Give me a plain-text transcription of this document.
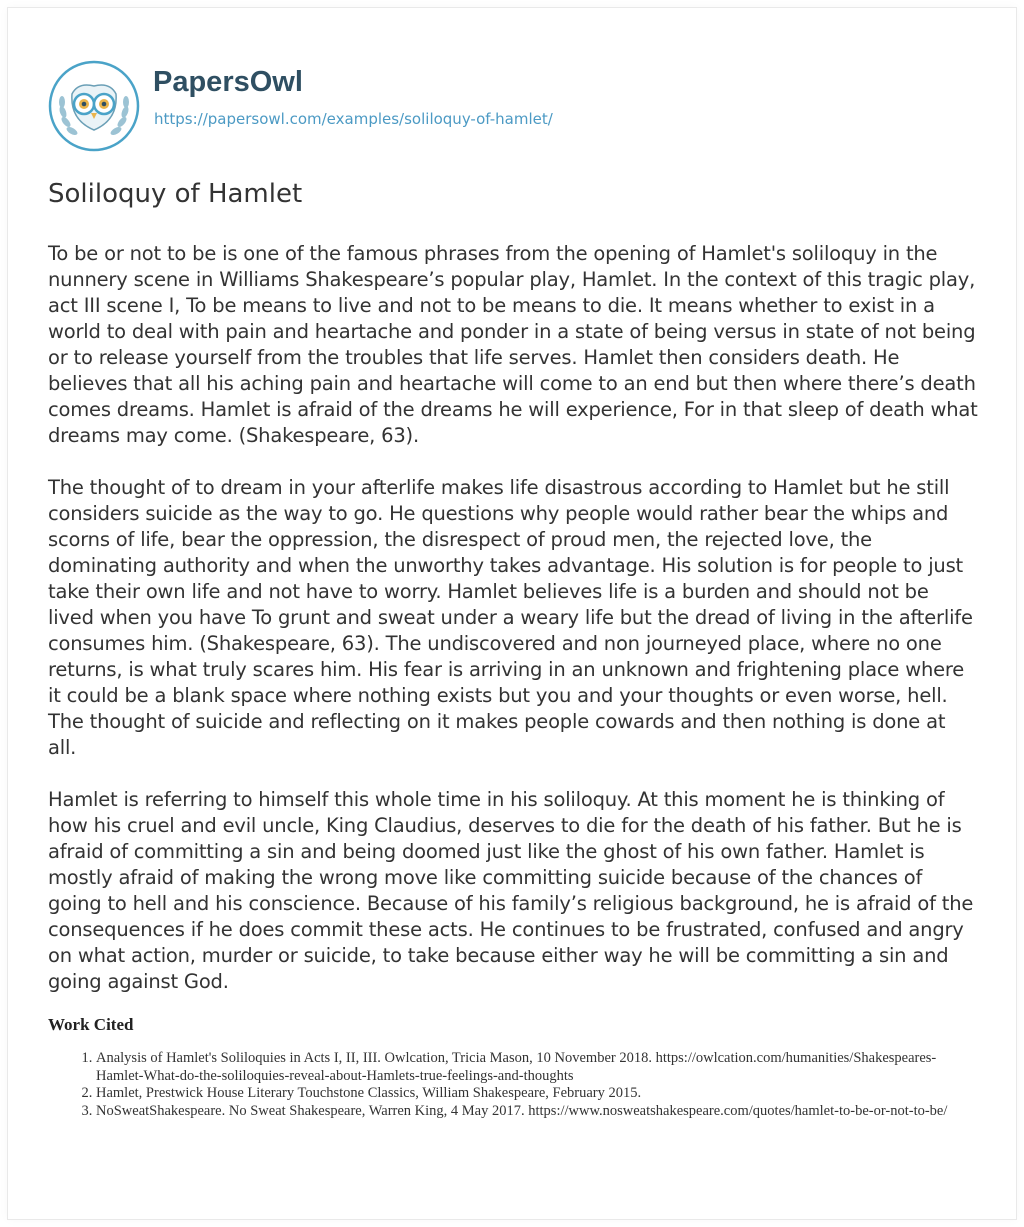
PapersOwl
https://papersowl.com/examples/soliloquy-of-hamlet/
Soliloquy of Hamlet

To be or not to be is one of the famous phrases from the opening of Hamlet's soliloquy in the nunnery scene in Williams Shakespeare’s popular play, Hamlet. In the context of this tragic play, act III scene I, To be means to live and not to be means to die. It means whether to exist in a world to deal with pain and heartache and ponder in a state of being versus in state of not being or to release yourself from the troubles that life serves. Hamlet then considers death. He believes that all his aching pain and heartache will come to an end but then where there’s death comes dreams. Hamlet is afraid of the dreams he will experience, For in that sleep of death what dreams may come. (Shakespeare, 63).

The thought of to dream in your afterlife makes life disastrous according to Hamlet but he still considers suicide as the way to go. He questions why people would rather bear the whips and scorns of life, bear the oppression, the disrespect of proud men, the rejected love, the dominating authority and when the unworthy takes advantage. His solution is for people to just take their own life and not have to worry. Hamlet believes life is a burden and should not be lived when you have To grunt and sweat under a weary life but the dread of living in the afterlife consumes him. (Shakespeare, 63). The undiscovered and non journeyed place, where no one returns, is what truly scares him. His fear is arriving in an unknown and frightening place where it could be a blank space where nothing exists but you and your thoughts or even worse, hell. The thought of suicide and reflecting on it makes people cowards and then nothing is done at all.

Hamlet is referring to himself this whole time in his soliloquy. At this moment he is thinking of how his cruel and evil uncle, King Claudius, deserves to die for the death of his father. But he is afraid of committing a sin and being doomed just like the ghost of his own father. Hamlet is mostly afraid of making the wrong move like committing suicide because of the chances of going to hell and his conscience. Because of his family’s religious background, he is afraid of the consequences if he does commit these acts. He continues to be frustrated, confused and angry on what action, murder or suicide, to take because either way he will be committing a sin and going against God.

Work Cited
1. Analysis of Hamlet's Soliloquies in Acts I, II, III. Owlcation, Tricia Mason, 10 November 2018. https://owlcation.com/humanities/Shakespeares-Hamlet-What-do-the-soliloquies-reveal-about-Hamlets-true-feelings-and-thoughts
2. Hamlet, Prestwick House Literary Touchstone Classics, William Shakespeare, February 2015.
3. NoSweatShakespeare. No Sweat Shakespeare, Warren King, 4 May 2017. https://www.nosweatshakespeare.com/quotes/hamlet-to-be-or-not-to-be/
